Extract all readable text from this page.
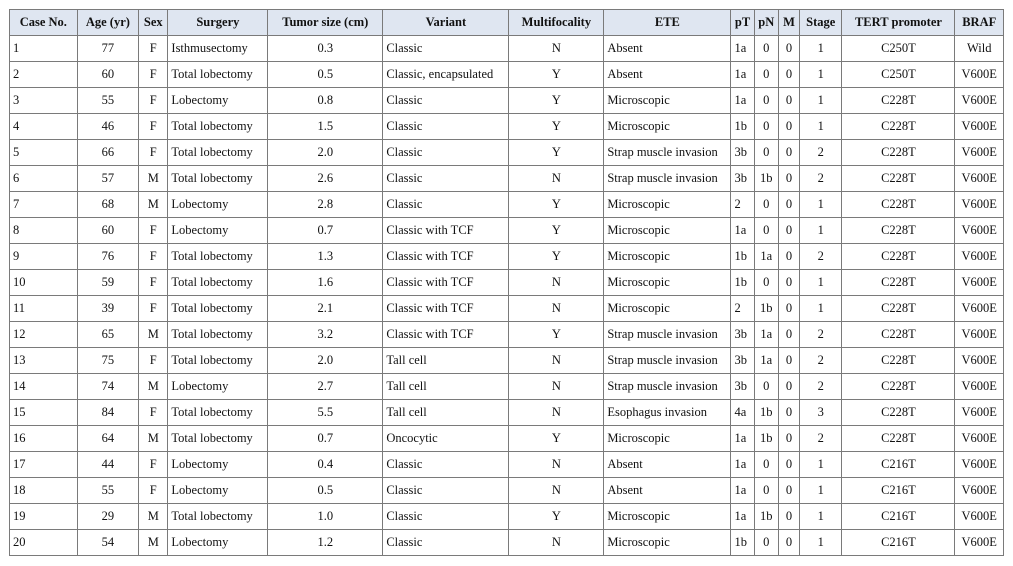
Case No.	Age (yr)	Sex	Surgery	Tumor size (cm)	Variant	Multifocality	ETE	pT	pN	M	Stage	TERT promoter	BRAF
1	77	F	Isthmusectomy	0.3	Classic	N	Absent	1a	0	0	1	C250T	Wild
2	60	F	Total lobectomy	0.5	Classic, encapsulated	Y	Absent	1a	0	0	1	C250T	V600E
3	55	F	Lobectomy	0.8	Classic	Y	Microscopic	1a	0	0	1	C228T	V600E
4	46	F	Total lobectomy	1.5	Classic	Y	Microscopic	1b	0	0	1	C228T	V600E
5	66	F	Total lobectomy	2.0	Classic	Y	Strap muscle invasion	3b	0	0	2	C228T	V600E
6	57	M	Total lobectomy	2.6	Classic	N	Strap muscle invasion	3b	1b	0	2	C228T	V600E
7	68	M	Lobectomy	2.8	Classic	Y	Microscopic	2	0	0	1	C228T	V600E
8	60	F	Lobectomy	0.7	Classic with TCF	Y	Microscopic	1a	0	0	1	C228T	V600E
9	76	F	Total lobectomy	1.3	Classic with TCF	Y	Microscopic	1b	1a	0	2	C228T	V600E
10	59	F	Total lobectomy	1.6	Classic with TCF	N	Microscopic	1b	0	0	1	C228T	V600E
11	39	F	Total lobectomy	2.1	Classic with TCF	N	Microscopic	2	1b	0	1	C228T	V600E
12	65	M	Total lobectomy	3.2	Classic with TCF	Y	Strap muscle invasion	3b	1a	0	2	C228T	V600E
13	75	F	Total lobectomy	2.0	Tall cell	N	Strap muscle invasion	3b	1a	0	2	C228T	V600E
14	74	M	Lobectomy	2.7	Tall cell	N	Strap muscle invasion	3b	0	0	2	C228T	V600E
15	84	F	Total lobectomy	5.5	Tall cell	N	Esophagus invasion	4a	1b	0	3	C228T	V600E
16	64	M	Total lobectomy	0.7	Oncocytic	Y	Microscopic	1a	1b	0	2	C228T	V600E
17	44	F	Lobectomy	0.4	Classic	N	Absent	1a	0	0	1	C216T	V600E
18	55	F	Lobectomy	0.5	Classic	N	Absent	1a	0	0	1	C216T	V600E
19	29	M	Total lobectomy	1.0	Classic	Y	Microscopic	1a	1b	0	1	C216T	V600E
20	54	M	Lobectomy	1.2	Classic	N	Microscopic	1b	0	0	1	C216T	V600E
